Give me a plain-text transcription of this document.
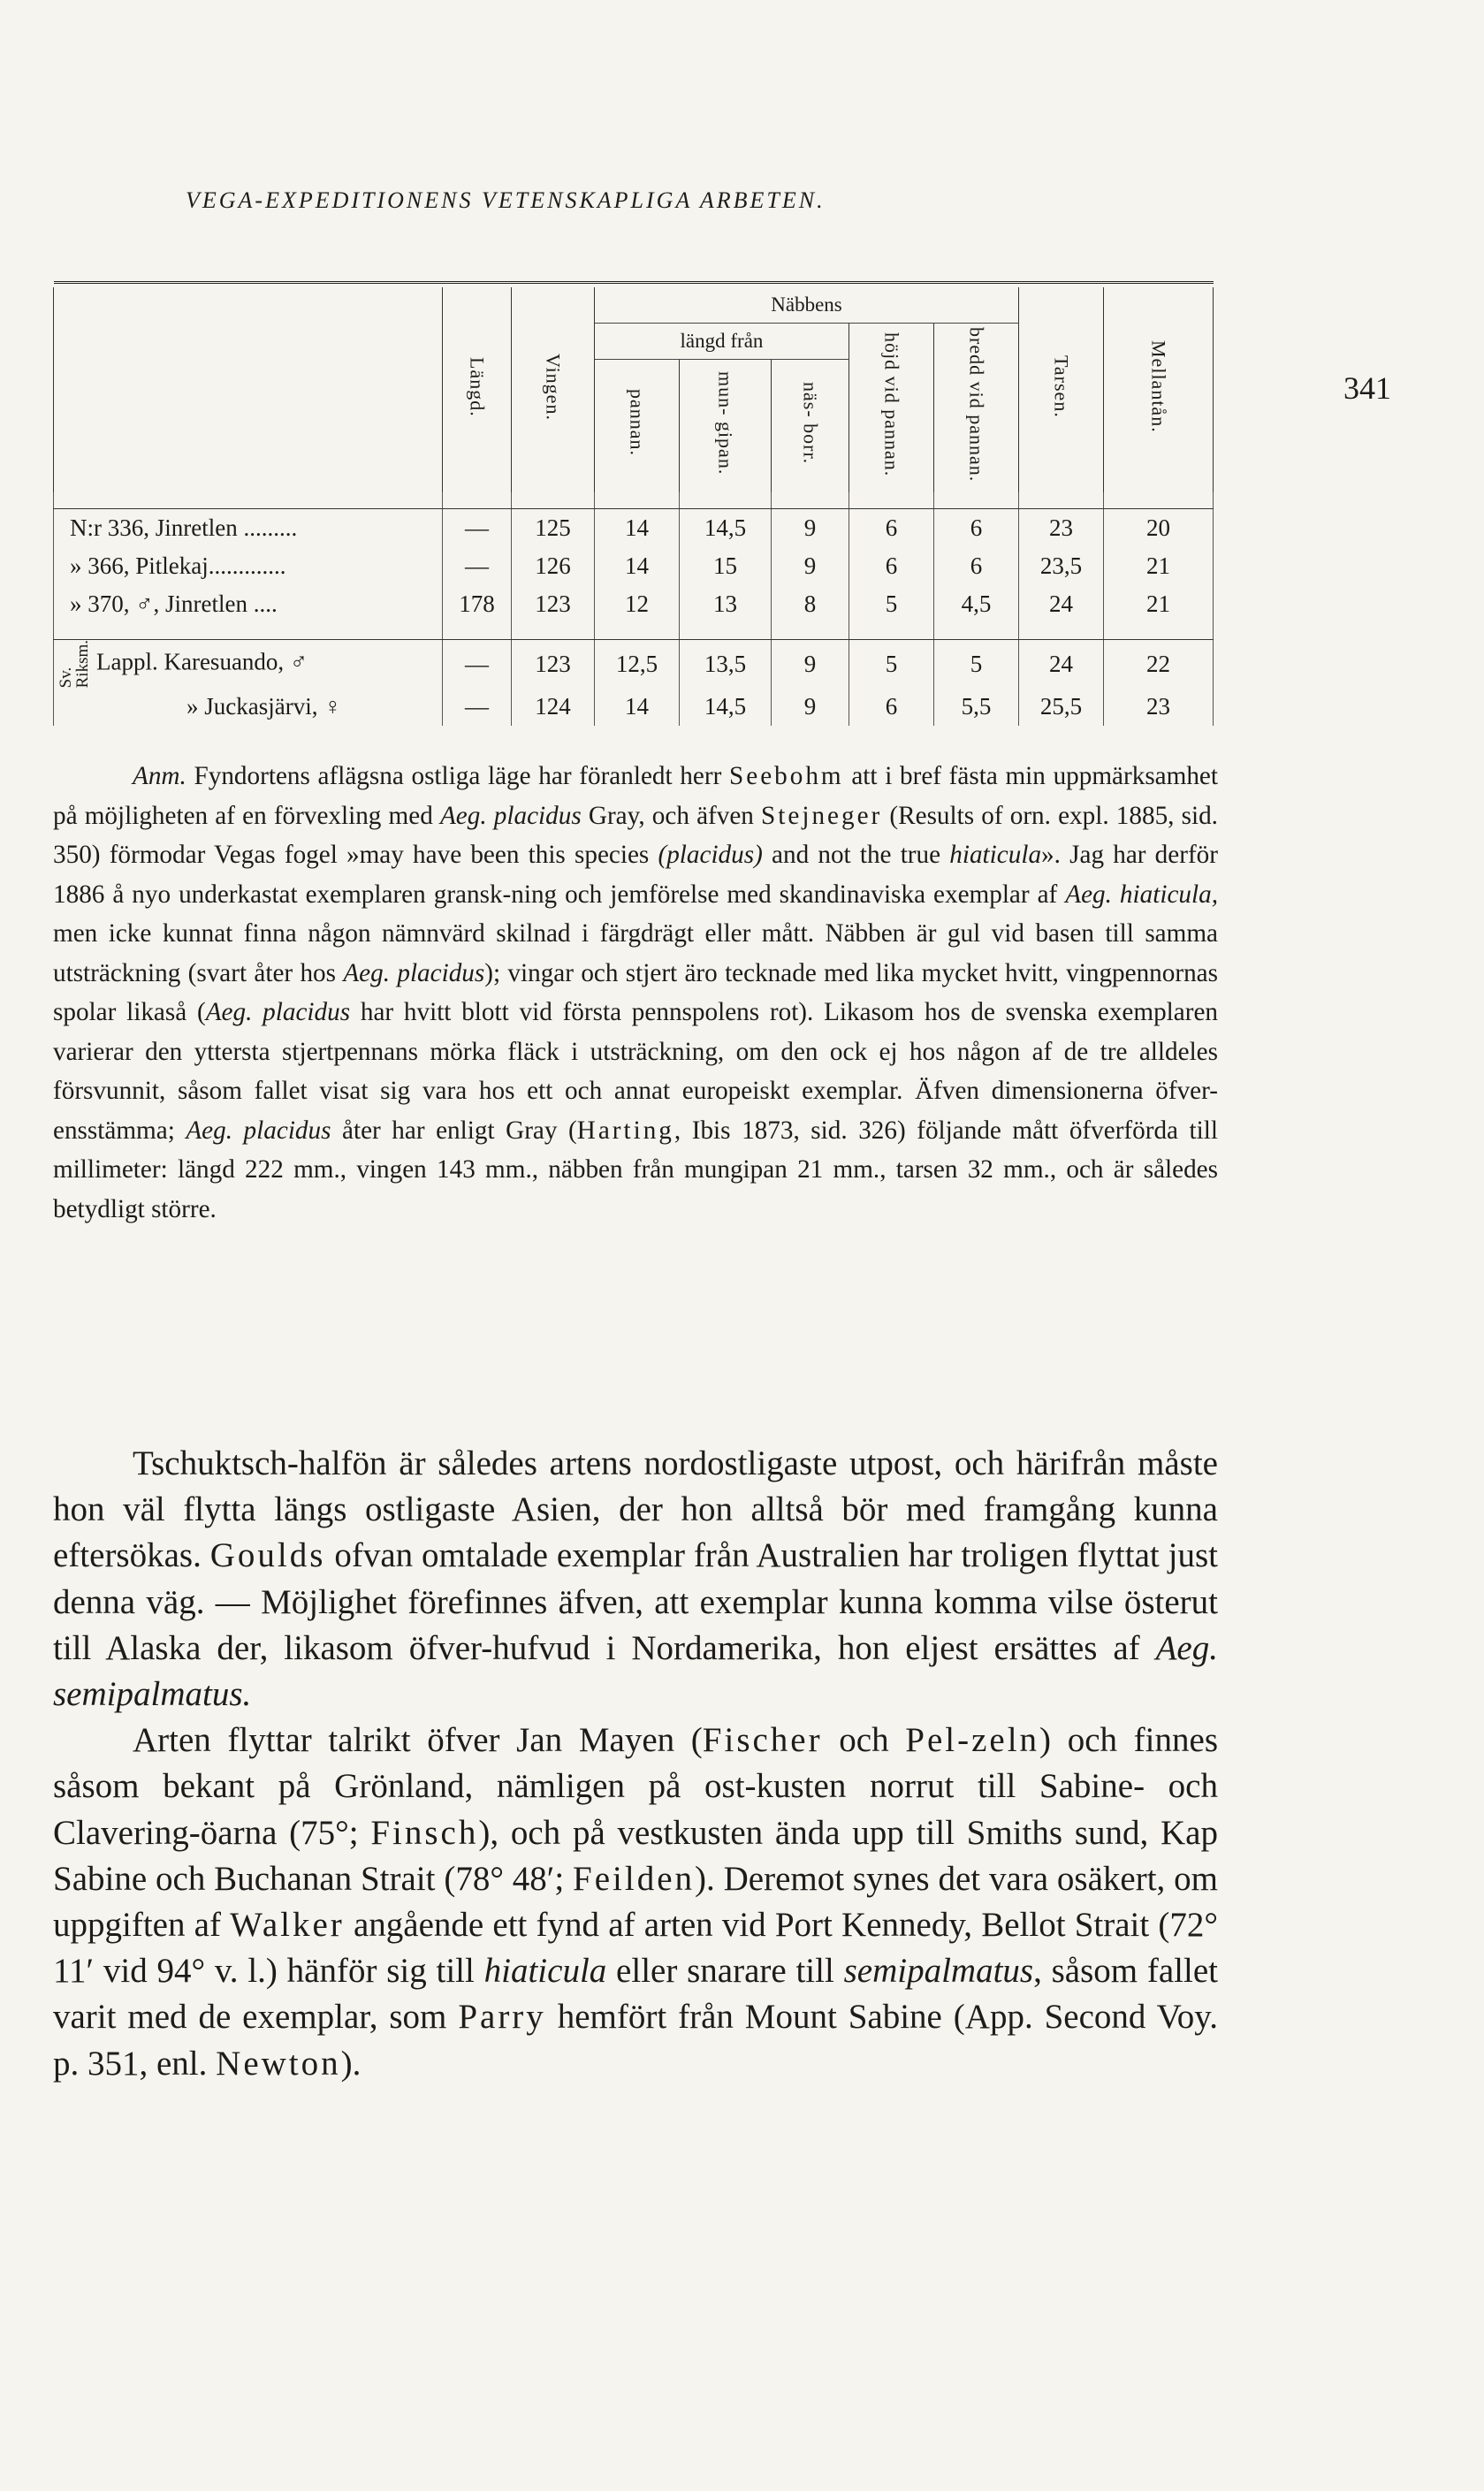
VEGA-EXPEDITIONENS VETENSKAPLIGA ARBETEN.
341

	Längd.	Vingen.	Näbbens					Tarsen.	Mellantån.
			längd från			höjd vid pannan.	bredd vid pannan.		
			pannan.	mun- gipan.	näs- borr.				

N:r 336, Jinretlen .........	—	125	14	14,5	9	6	6	23	20
» 366, Pitlekaj.............	—	126	14	15	9	6	6	23,5	21
» 370, ♂, Jinretlen ....	178	123	12	13	8	5	4,5	24	21

Sv. Riksm. Lappl. Karesuando, ♂	—	123	12,5	13,5	9	5	5	24	22
» Juckasjärvi, ♀	—	124	14	14,5	9	6	5,5	25,5	23

Anm. Fyndortens aflägsna ostliga läge har föranledt herr Seebohm att i bref fästa min uppmärksamhet på möjligheten af en förvexling med Aeg. placidus Gray, och äfven Stejneger (Results of orn. expl. 1885, sid. 350) förmodar Vegas fogel »may have been this species (placidus) and not the true hiaticula». Jag har derför 1886 å nyo underkastat exemplaren gransk-ning och jemförelse med skandinaviska exemplar af Aeg. hiaticula, men icke kunnat finna någon nämnvärd skilnad i färgdrägt eller mått. Näbben är gul vid basen till samma utsträckning (svart åter hos Aeg. placidus); vingar och stjert äro tecknade med lika mycket hvitt, vingpennornas spolar likaså (Aeg. placidus har hvitt blott vid första pennspolens rot). Likasom hos de svenska exemplaren varierar den yttersta stjertpennans mörka fläck i utsträckning, om den ock ej hos någon af de tre alldeles försvunnit, såsom fallet visat sig vara hos ett och annat europeiskt exemplar. Äfven dimensionerna öfver-ensstämma; Aeg. placidus åter har enligt Gray (Harting, Ibis 1873, sid. 326) följande mått öfverförda till millimeter: längd 222 mm., vingen 143 mm., näbben från mungipan 21 mm., tarsen 32 mm., och är således betydligt större.

Tschuktsch-halfön är således artens nordostligaste utpost, och härifrån måste hon väl flytta längs ostligaste Asien, der hon alltså bör med framgång kunna eftersökas. Goulds ofvan omtalade exemplar från Australien har troligen flyttat just denna väg. — Möjlighet förefinnes äfven, att exemplar kunna komma vilse österut till Alaska der, likasom öfver-hufvud i Nordamerika, hon eljest ersättes af Aeg. semipalmatus.

Arten flyttar talrikt öfver Jan Mayen (Fischer och Pel-zeln) och finnes såsom bekant på Grönland, nämligen på ost-kusten norrut till Sabine- och Clavering-öarna (75°; Finsch), och på vestkusten ända upp till Smiths sund, Kap Sabine och Buchanan Strait (78° 48′; Feilden). Deremot synes det vara osäkert, om uppgiften af Walker angående ett fynd af arten vid Port Kennedy, Bellot Strait (72° 11′ vid 94° v. l.) hänför sig till hiaticula eller snarare till semipalmatus, såsom fallet varit med de exemplar, som Parry hemfört från Mount Sabine (App. Second Voy. p. 351, enl. Newton).
